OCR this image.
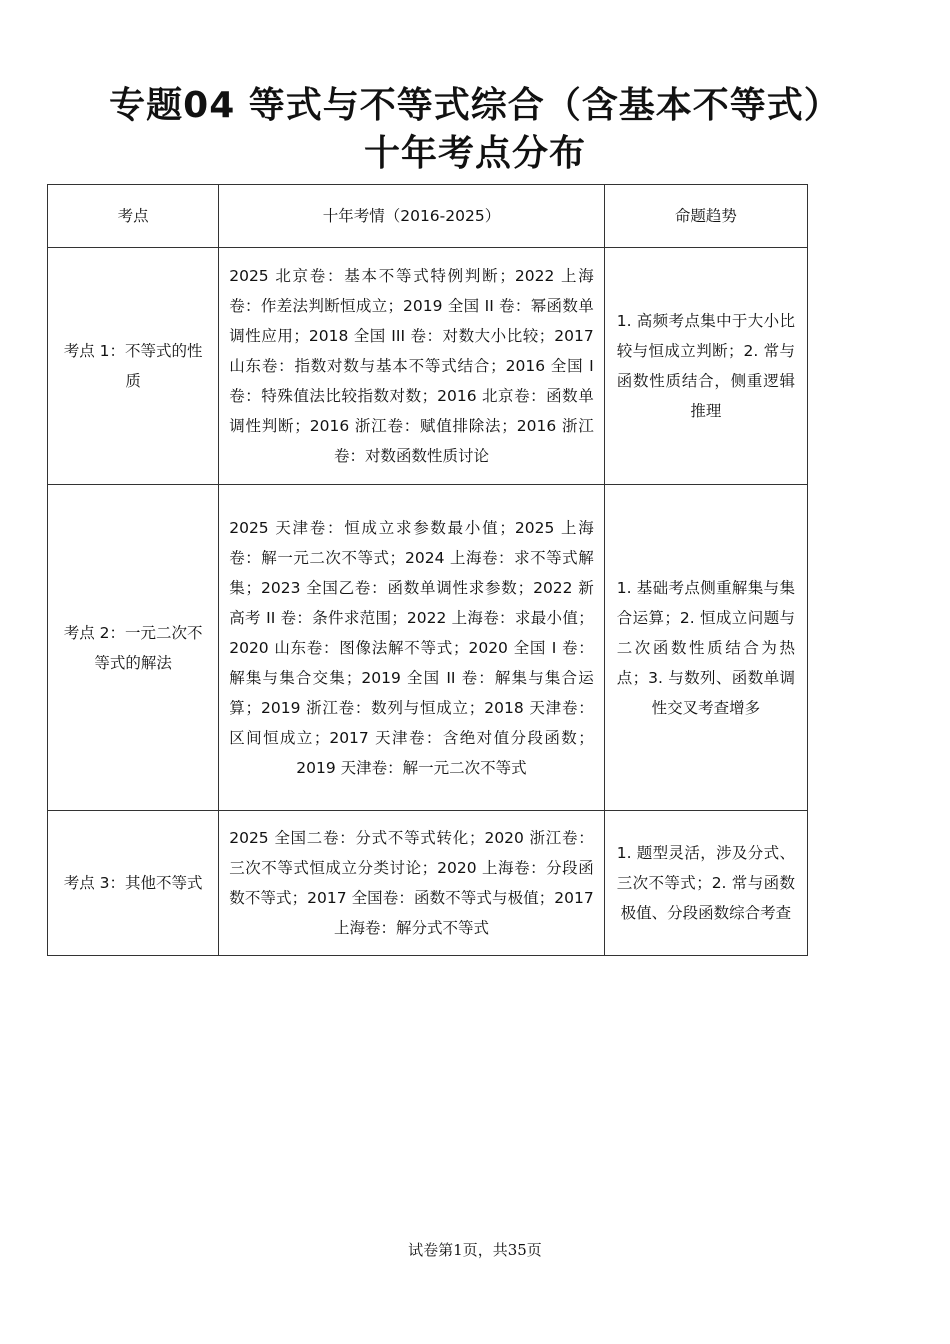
专题04 等式与不等式综合（含基本不等式）
十年考点分布
考点	十年考情（2016-2025）	命题趋势
考点 1：不等式的性质	2025 北京卷：基本不等式特例判断；2022 上海卷：作差法判断恒成立；2019 全国 II 卷：幂函数单调性应用；2018 全国 III 卷：对数大小比较；2017 山东卷：指数对数与基本不等式结合；2016 全国 I 卷：特殊值法比较指数对数；2016 北京卷：函数单调性判断；2016 浙江卷：赋值排除法；2016 浙江卷：对数函数性质讨论	1. 高频考点集中于大小比较与恒成立判断；2. 常与函数性质结合，侧重逻辑推理
考点 2：一元二次不等式的解法	2025 天津卷：恒成立求参数最小值；2025 上海卷：解一元二次不等式；2024 上海卷：求不等式解集；2023 全国乙卷：函数单调性求参数；2022 新高考 II 卷：条件求范围；2022 上海卷：求最小值；2020 山东卷：图像法解不等式；2020 全国 I 卷：解集与集合交集；2019 全国 II 卷：解集与集合运算；2019 浙江卷：数列与恒成立；2018 天津卷：区间恒成立；2017 天津卷：含绝对值分段函数；2019 天津卷：解一元二次不等式	1. 基础考点侧重解集与集合运算；2. 恒成立问题与二次函数性质结合为热点；3. 与数列、函数单调性交叉考查增多
考点 3：其他不等式	2025 全国二卷：分式不等式转化；2020 浙江卷：三次不等式恒成立分类讨论；2020 上海卷：分段函数不等式；2017 全国卷：函数不等式与极值；2017 上海卷：解分式不等式	1. 题型灵活，涉及分式、三次不等式；2. 常与函数极值、分段函数综合考查
试卷第1页，共35页
